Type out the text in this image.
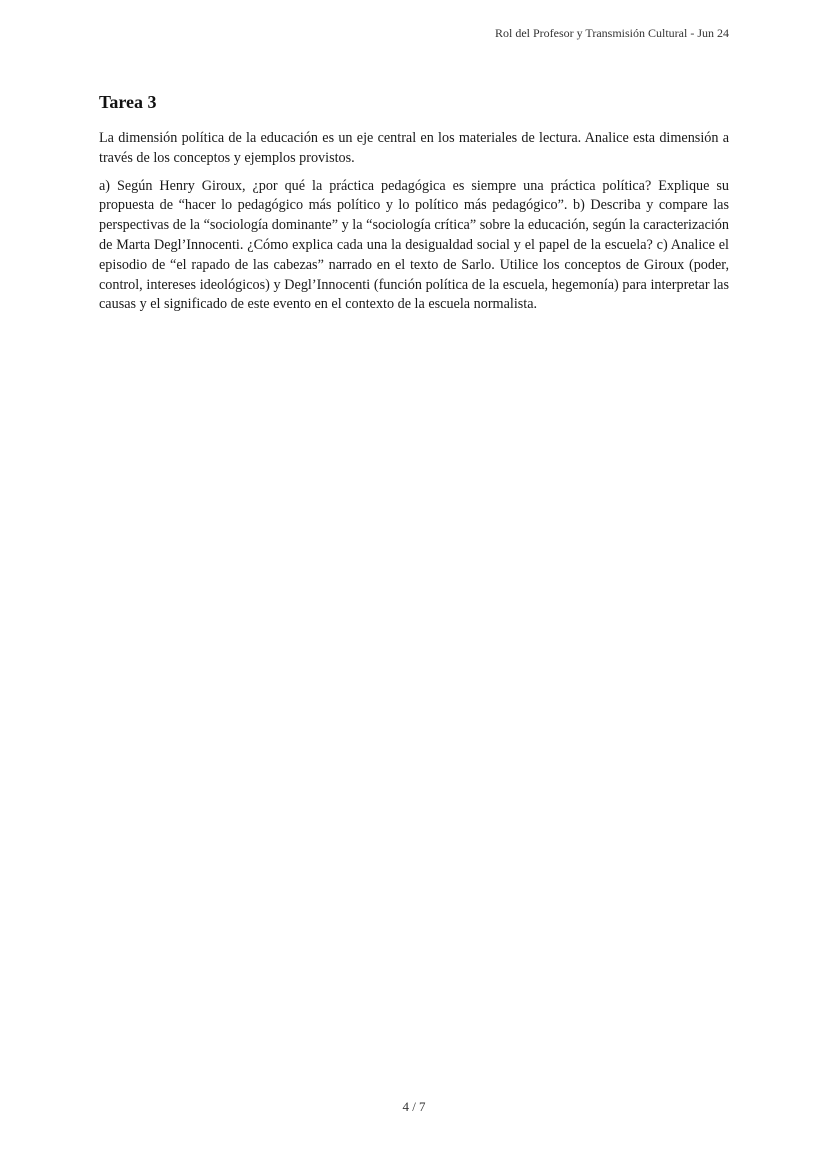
Rol del Profesor y Transmisión Cultural - Jun 24
Tarea 3

La dimensión política de la educación es un eje central en los materiales de lectura. Analice esta dimensión a través de los conceptos y ejemplos provistos.

a) Según Henry Giroux, ¿por qué la práctica pedagógica es siempre una práctica política? Explique su propuesta de “hacer lo pedagógico más político y lo político más pedagógico”. b) Describa y compare las perspectivas de la “sociología dominante” y la “sociología crítica” sobre la educación, según la caracterización de Marta Degl’Innocenti. ¿Cómo explica cada una la desigualdad social y el papel de la escuela? c) Analice el episodio de “el rapado de las cabezas” narrado en el texto de Sarlo. Utilice los conceptos de Giroux (poder, control, intereses ideológicos) y Degl’Innocenti (función política de la escuela, hegemonía) para interpretar las causas y el significado de este evento en el contexto de la escuela normalista.

4 / 7
